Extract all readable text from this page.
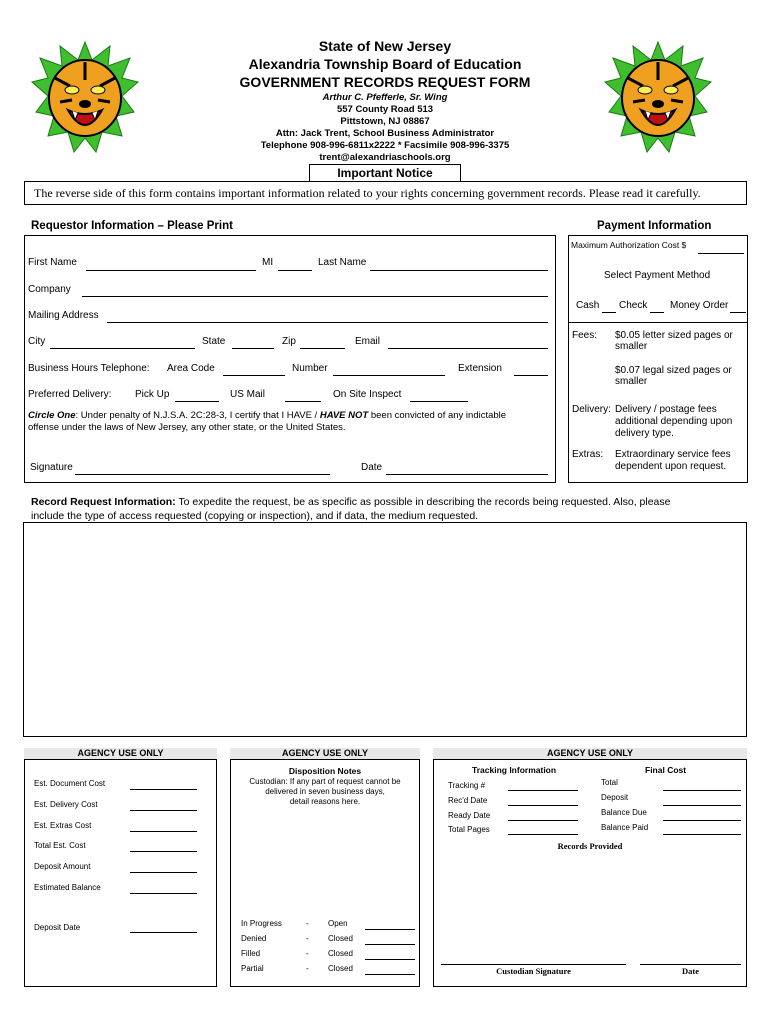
State of New Jersey
Alexandria Township Board of Education
GOVERNMENT RECORDS REQUEST FORM
Arthur C. Pfefferle, Sr. Wing
557 County Road 513
Pittstown, NJ 08867
Attn: Jack Trent, School Business Administrator
Telephone 908-996-6811x2222 * Facsimile 908-996-3375
trent@alexandriaschools.org
Important Notice
The reverse side of this form contains important information related to your rights concerning government records. Please read it carefully.
Requestor Information – Please Print
First Name	MI	Last Name
Company
Mailing Address
City	State	Zip	Email
Business Hours Telephone: Area Code	Number	Extension
Preferred Delivery: Pick Up	US Mail	On Site Inspect
Circle One: Under penalty of N.J.S.A. 2C:28-3, I certify that I HAVE / HAVE NOT been convicted of any indictable
offense under the laws of New Jersey, any other state, or the United States.
Signature	Date
Payment Information
Maximum Authorization Cost $
Select Payment Method
Cash Check Money Order
Fees: $0.05 letter sized pages or
smaller
$0.07 legal sized pages or
smaller
Delivery: Delivery / postage fees
additional depending upon
delivery type.
Extras: Extraordinary service fees
dependent upon request.
Record Request Information: To expedite the request, be as specific as possible in describing the records being requested. Also, please
include the type of access requested (copying or inspection), and if data, the medium requested.
AGENCY USE ONLY	AGENCY USE ONLY	AGENCY USE ONLY
Est. Document Cost
Est. Delivery Cost
Est. Extras Cost
Total Est. Cost
Deposit Amount
Estimated Balance
Deposit Date
Disposition Notes
Custodian: If any part of request cannot be
delivered in seven business days,
detail reasons here.
In Progress	- Open
Denied	- Closed
Filled	- Closed
Partial	- Closed
Tracking Information
Tracking #
Rec'd Date
Ready Date
Total Pages
Final Cost
Total
Deposit
Balance Due
Balance Paid
Records Provided
Custodian Signature	Date
